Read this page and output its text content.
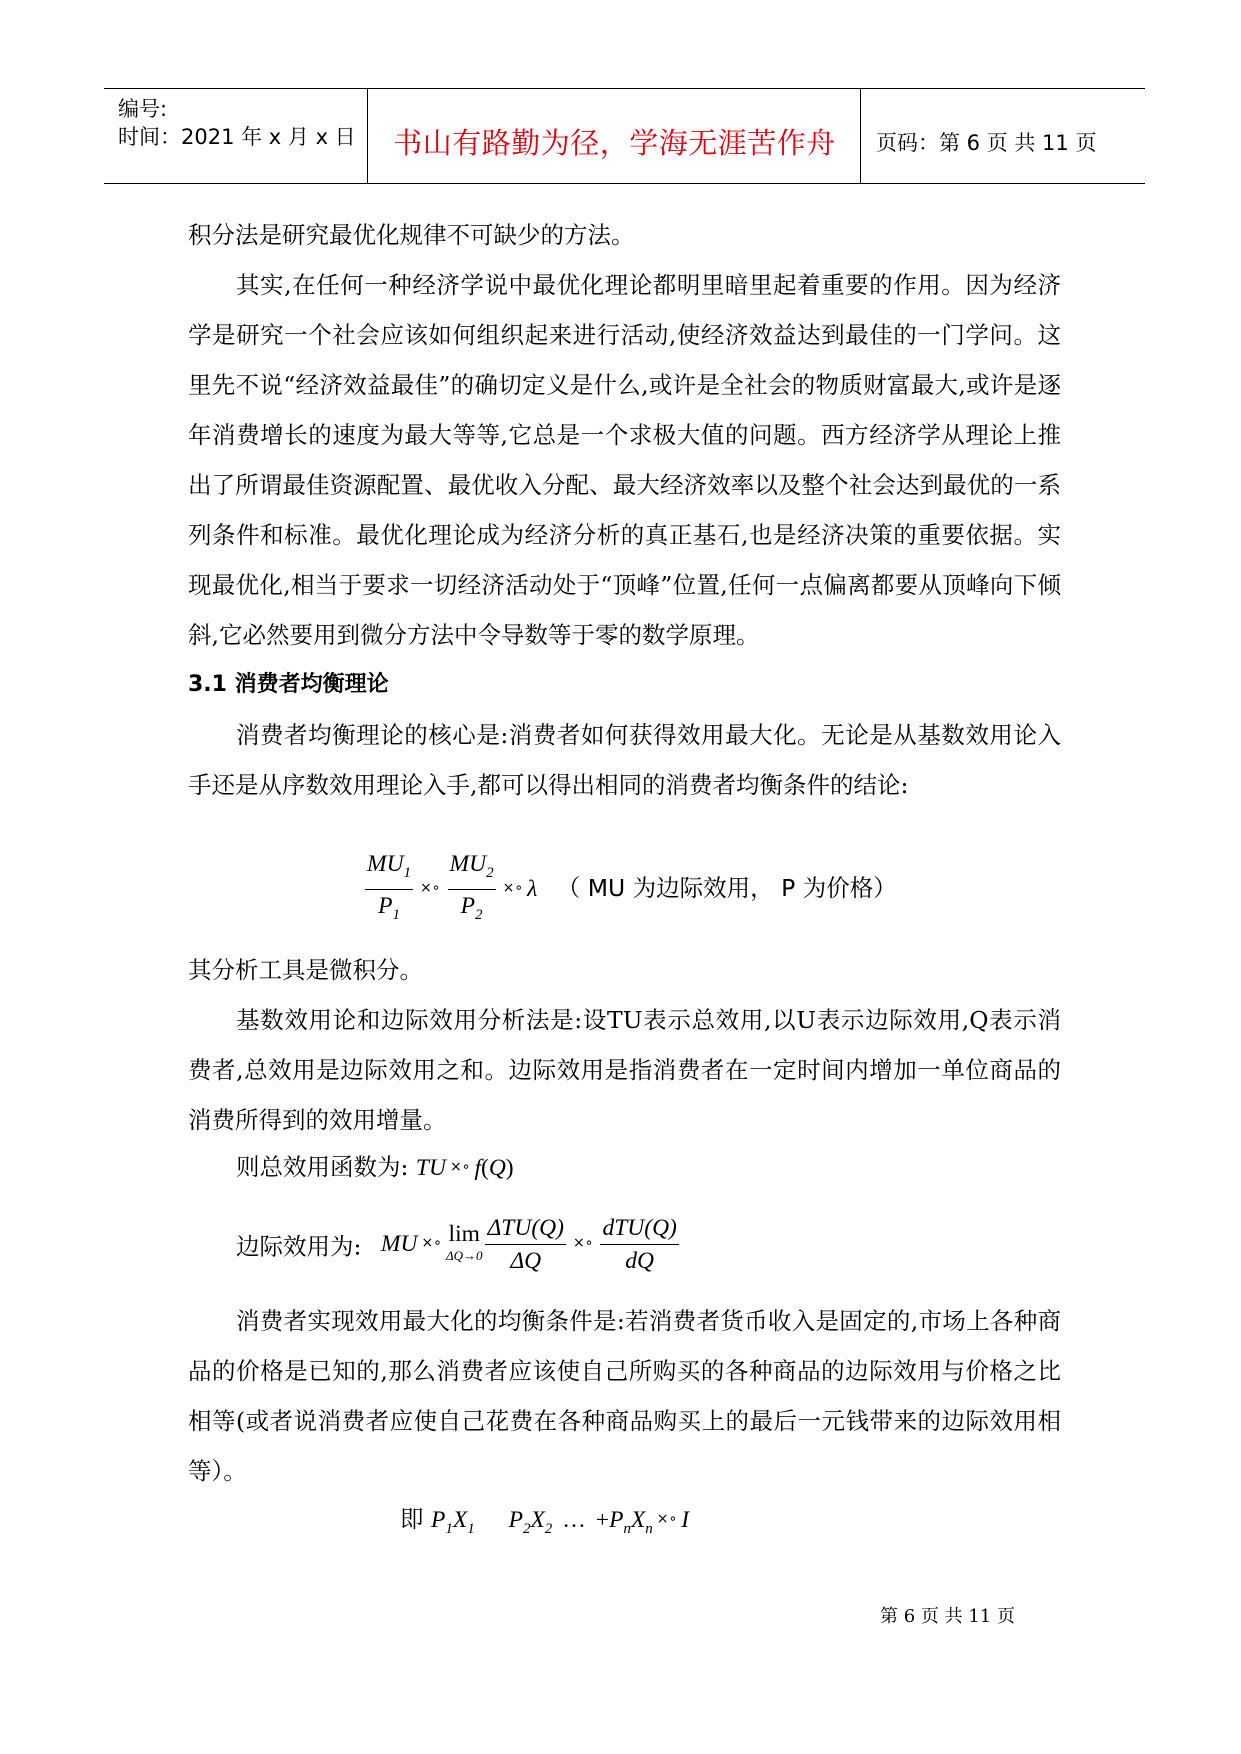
编号:
时间：2021 年 x 月 x 日	书山有路勤为径，学海无涯苦作舟	页码：第 6 页 共 11 页

积分法是研究最优化规律不可缺少的方法。

其实,在任何一种经济学说中最优化理论都明里暗里起着重要的作用。因为经济学是研究一个社会应该如何组织起来进行活动,使经济效益达到最佳的一门学问。这里先不说“经济效益最佳”的确切定义是什么,或许是全社会的物质财富最大,或许是逐年消费增长的速度为最大等等,它总是一个求极大值的问题。西方经济学从理论上推出了所谓最佳资源配置、最优收入分配、最大经济效率以及整个社会达到最优的一系列条件和标准。最优化理论成为经济分析的真正基石,也是经济决策的重要依据。实现最优化,相当于要求一切经济活动处于“顶峰”位置,任何一点偏离都要从顶峰向下倾斜,它必然要用到微分方法中令导数等于零的数学原理。

3.1 消费者均衡理论

消费者均衡理论的核心是:消费者如何获得效用最大化。无论是从基数效用论入手还是从序数效用理论入手,都可以得出相同的消费者均衡条件的结论:

$\frac{MU_1}{P_1}$ ×∘ $\frac{MU_2}{P_2}$ ×∘ λ （ MU 为边际效用， P 为价格）

其分析工具是微积分。

基数效用论和边际效用分析法是:设TU表示总效用,以U表示边际效用,Q表示消费者,总效用是边际效用之和。边际效用是指消费者在一定时间内增加一单位商品的消费所得到的效用增量。

则总效用函数为: TU ×∘ f(Q)
边际效用为: MU ×∘ lim
$\Delta Q\to 0 \frac{\text{ΔTU(Q)}}{\Delta Q}$ ×∘ $\frac{\text{dTU(Q)}}{dQ}$

消费者实现效用最大化的均衡条件是:若消费者货币收入是固定的,市场上各种商品的价格是已知的,那么消费者应该使自己所购买的各种商品的边际效用与价格之比相等(或者说消费者应使自己花费在各种商品购买上的最后一元钱带来的边际效用相等）。

即 $P_1X_1$ $P_2X_2$ … $+P_nX_n\times\circ$ I
第 6 页 共 11 页
